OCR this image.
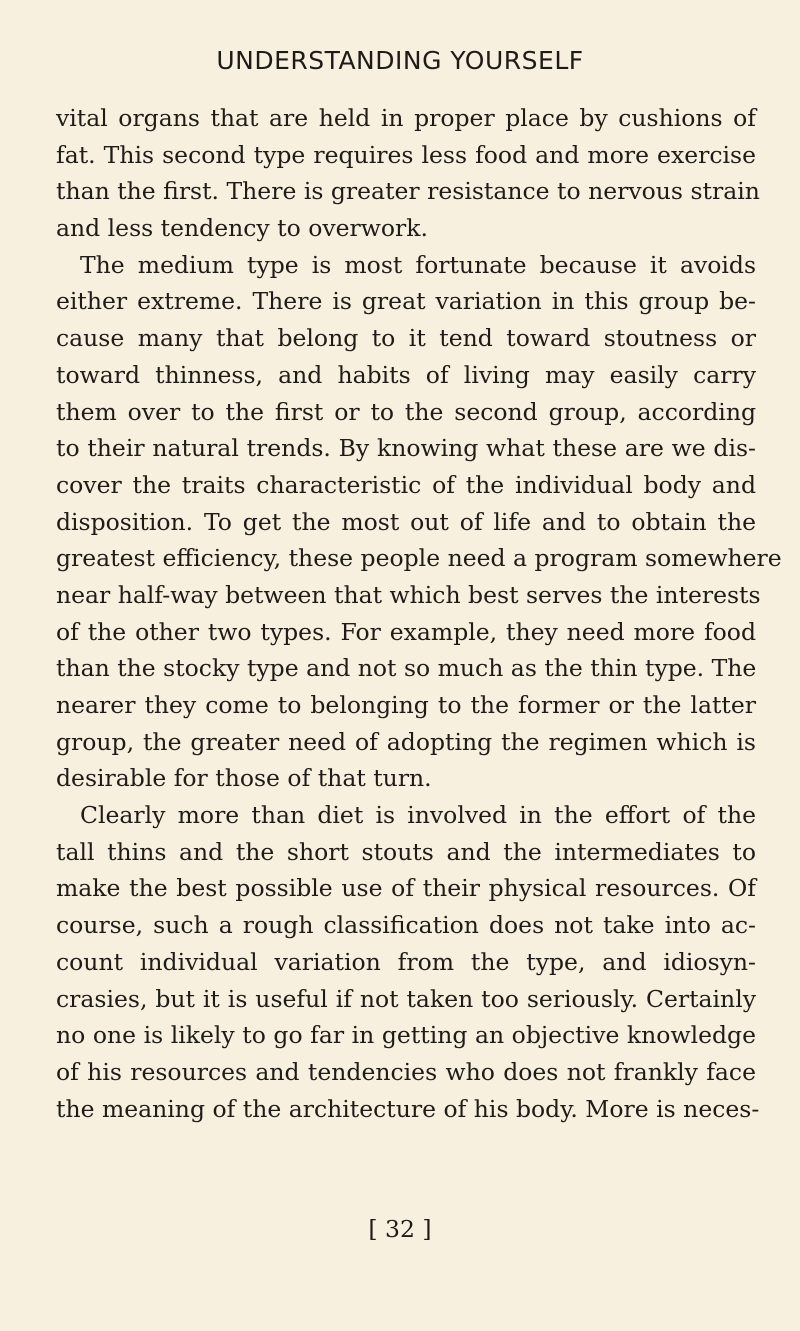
UNDERSTANDING YOURSELF
vital organs that are held in proper place by cushions of
fat. This second type requires less food and more exercise
than the first. There is greater resistance to nervous strain
and less tendency to overwork.
The medium type is most fortunate because it avoids
either extreme. There is great variation in this group be-
cause many that belong to it tend toward stoutness or
toward thinness, and habits of living may easily carry
them over to the first or to the second group, according
to their natural trends. By knowing what these are we dis-
cover the traits characteristic of the individual body and
disposition. To get the most out of life and to obtain the
greatest efficiency, these people need a program somewhere
near half-way between that which best serves the interests
of the other two types. For example, they need more food
than the stocky type and not so much as the thin type. The
nearer they come to belonging to the former or the latter
group, the greater need of adopting the regimen which is
desirable for those of that turn.
Clearly more than diet is involved in the effort of the
tall thins and the short stouts and the intermediates to
make the best possible use of their physical resources. Of
course, such a rough classification does not take into ac-
count individual variation from the type, and idiosyn-
crasies, but it is useful if not taken too seriously. Certainly
no one is likely to go far in getting an objective knowledge
of his resources and tendencies who does not frankly face
the meaning of the architecture of his body. More is neces-
[ 32 ]
